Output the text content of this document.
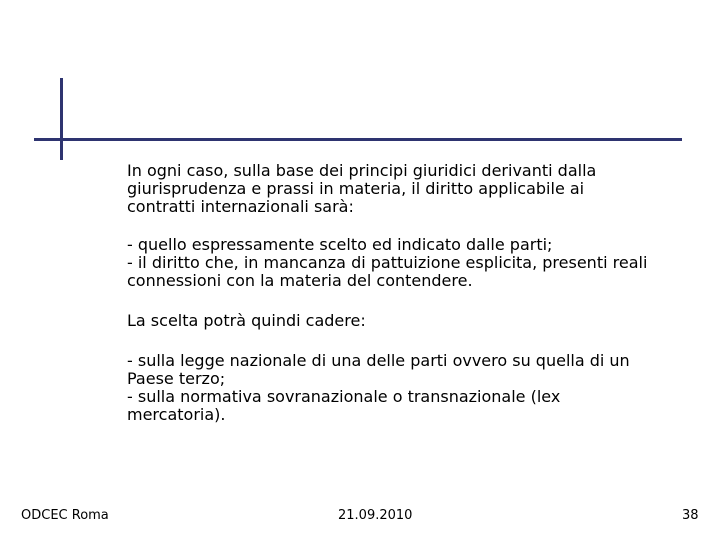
In ogni caso, sulla base dei principi giuridici derivanti dalla

giurisprudenza e prassi in materia, il diritto applicabile ai

contratti internazionali sarà:

- quello espressamente scelto ed indicato dalle parti;

- il diritto che, in mancanza di pattuizione esplicita, presenti reali

connessioni con la materia del contendere.

La scelta potrà quindi cadere:

- sulla legge nazionale di una delle parti ovvero su quella di un

Paese terzo;

- sulla normativa sovranazionale o transnazionale (lex

mercatoria).

ODCEC Roma	21.09.2010	38
